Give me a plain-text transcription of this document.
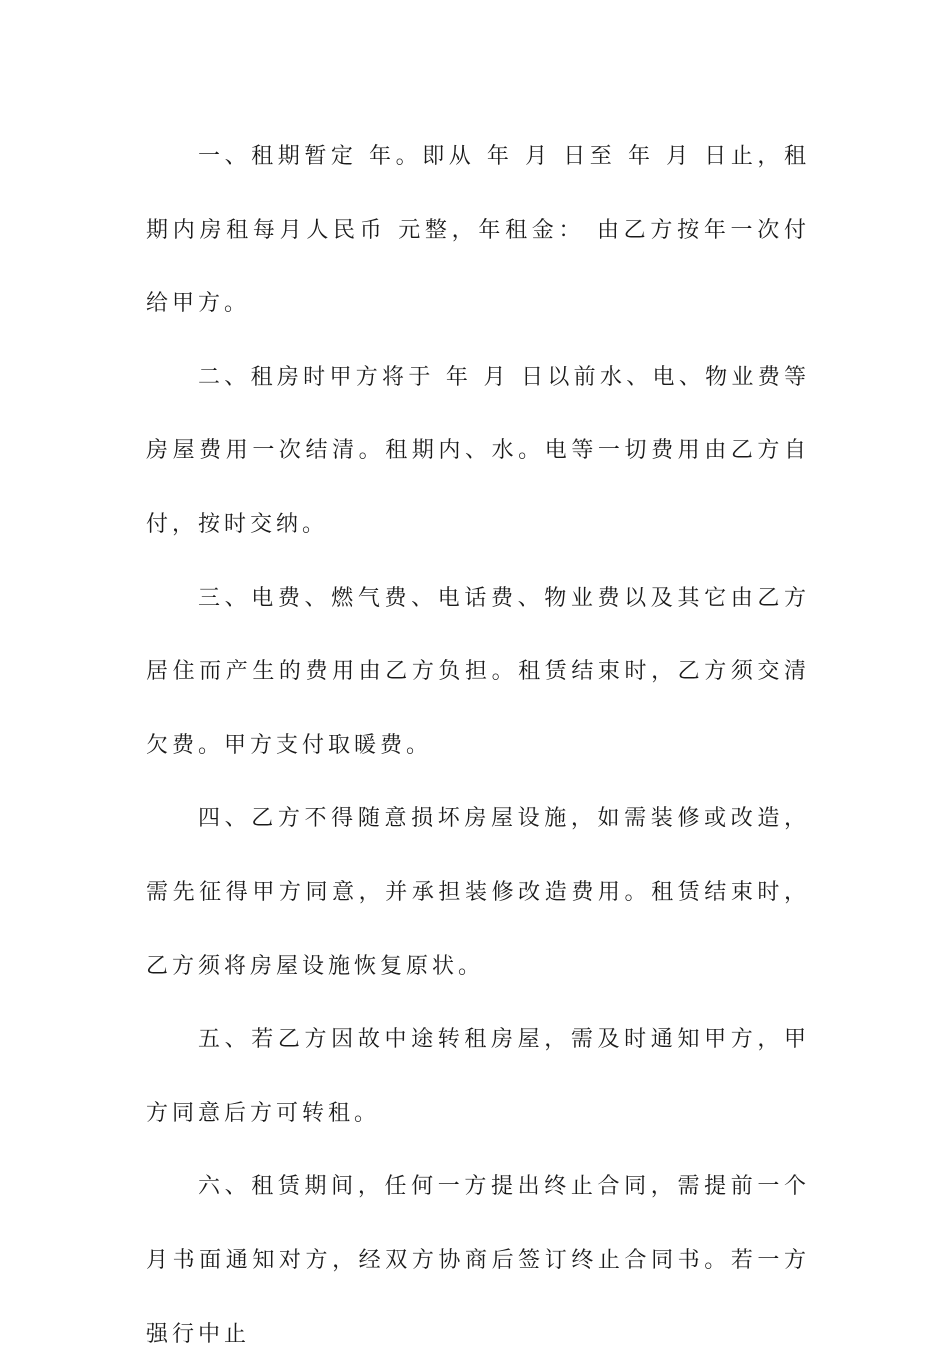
一、租期暂定 年。即从 年 月 日至 年 月 日止，租期内房租每月人民币 元整，年租金： 由乙方按年一次付给甲方。

二、租房时甲方将于 年 月 日以前水、电、物业费等房屋费用一次结清。租期内、水。电等一切费用由乙方自付，按时交纳。

三、电费、燃气费、电话费、物业费以及其它由乙方居住而产生的费用由乙方负担。租赁结束时，乙方须交清欠费。甲方支付取暖费。

四、乙方不得随意损坏房屋设施，如需装修或改造，需先征得甲方同意，并承担装修改造费用。租赁结束时，乙方须将房屋设施恢复原状。

五、若乙方因故中途转租房屋，需及时通知甲方，甲方同意后方可转租。

六、租赁期间，任何一方提出终止合同，需提前一个月书面通知对方，经双方协商后签订终止合同书。若一方强行中止
